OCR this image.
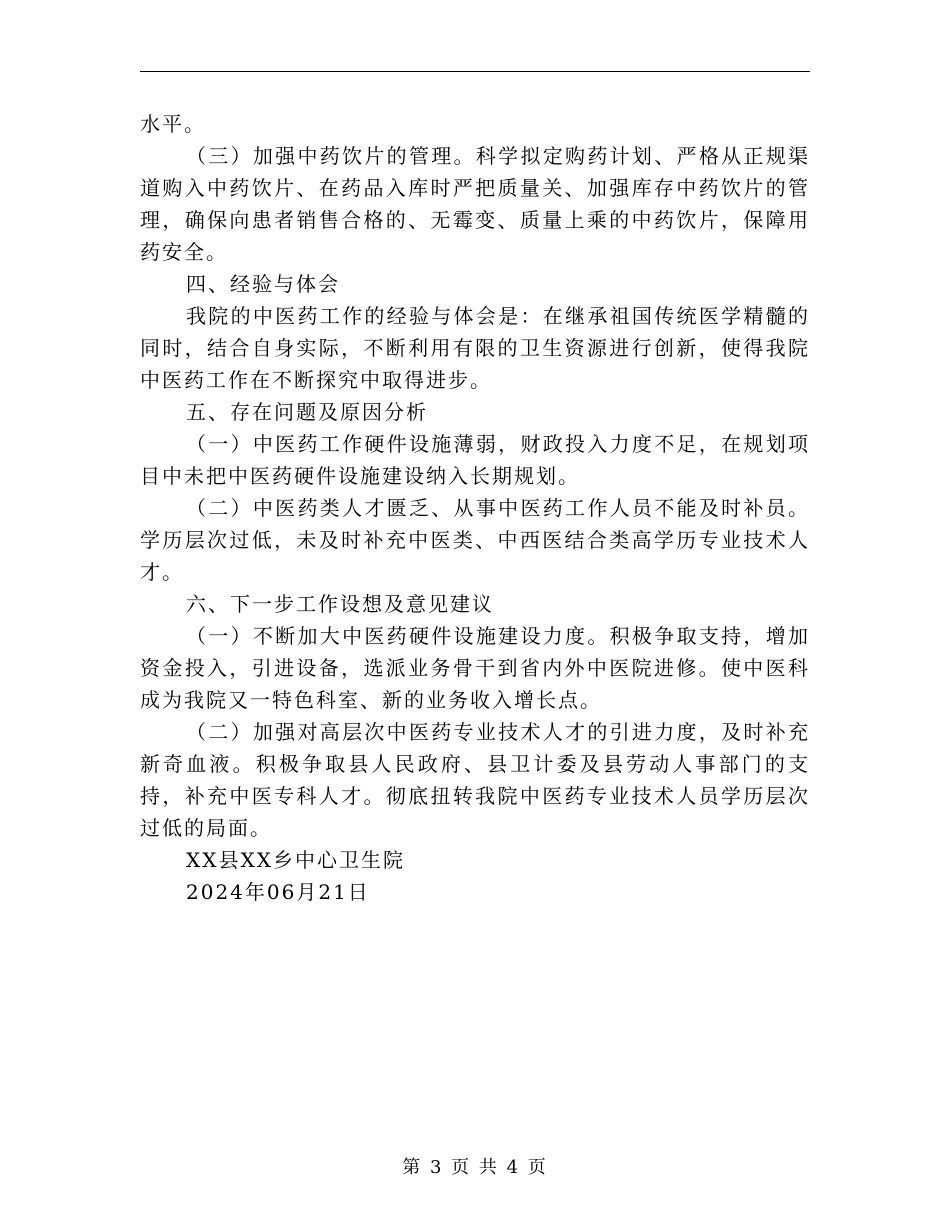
水平。

（三）加强中药饮片的管理。科学拟定购药计划、严格从正规渠道购入中药饮片、在药品入库时严把质量关、加强库存中药饮片的管理，确保向患者销售合格的、无霉变、质量上乘的中药饮片，保障用药安全。

四、经验与体会

我院的中医药工作的经验与体会是：在继承祖国传统医学精髓的同时，结合自身实际，不断利用有限的卫生资源进行创新，使得我院中医药工作在不断探究中取得进步。

五、存在问题及原因分析

（一）中医药工作硬件设施薄弱，财政投入力度不足，在规划项目中未把中医药硬件设施建设纳入长期规划。

（二）中医药类人才匮乏、从事中医药工作人员不能及时补员。学历层次过低，未及时补充中医类、中西医结合类高学历专业技术人才。

六、下一步工作设想及意见建议

（一）不断加大中医药硬件设施建设力度。积极争取支持，增加资金投入，引进设备，选派业务骨干到省内外中医院进修。使中医科成为我院又一特色科室、新的业务收入增长点。

（二）加强对高层次中医药专业技术人才的引进力度，及时补充新奇血液。积极争取县人民政府、县卫计委及县劳动人事部门的支持，补充中医专科人才。彻底扭转我院中医药专业技术人员学历层次过低的局面。

XX县XX乡中心卫生院

2024年06月21日

第 3 页 共 4 页
